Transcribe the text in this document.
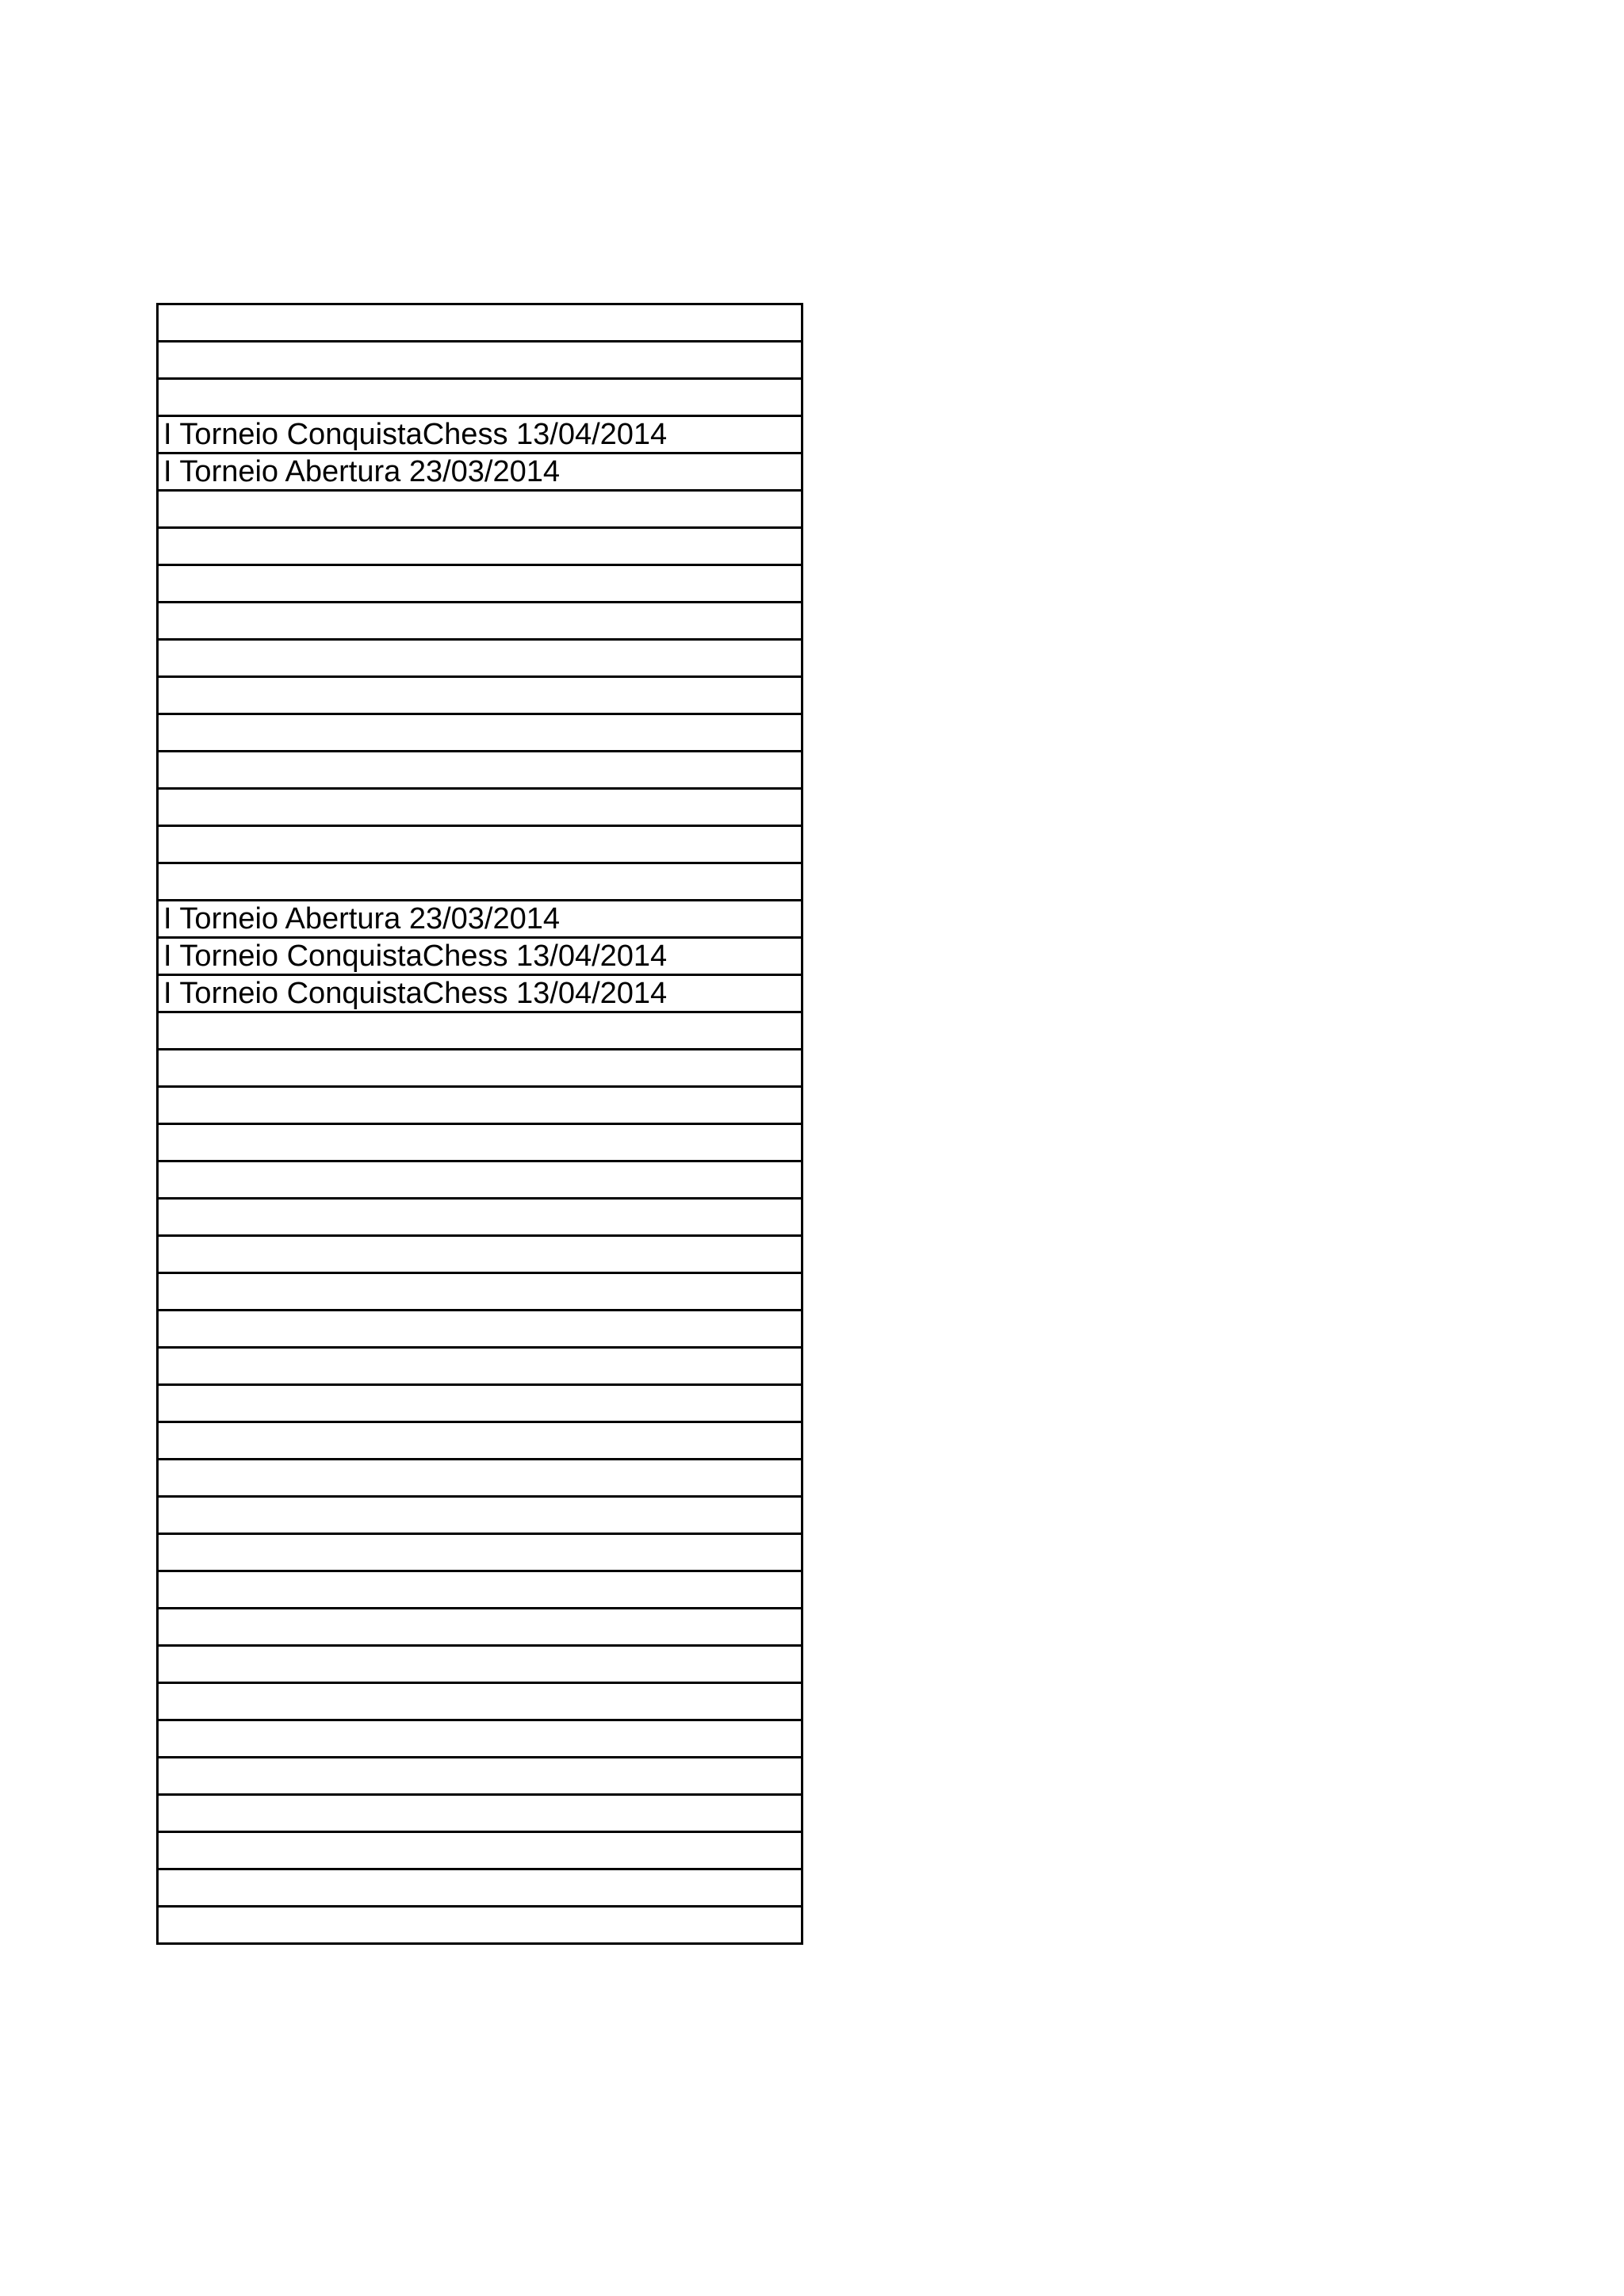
I Torneio ConquistaChess 13/04/2014
I Torneio Abertura 23/03/2014

I Torneio Abertura 23/03/2014
I Torneio ConquistaChess 13/04/2014
I Torneio ConquistaChess 13/04/2014
